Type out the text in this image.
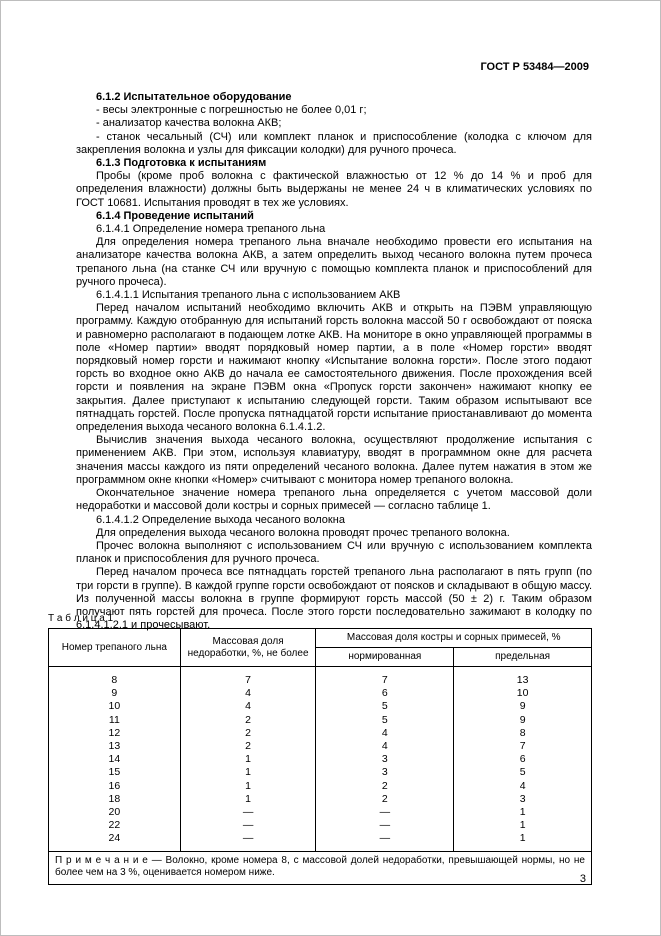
ГОСТ Р 53484—2009

6.1.2 Испытательное оборудование

- весы электронные с погрешностью не более 0,01 г;

- анализатор качества волокна АКВ;

- станок чесальный (СЧ) или комплект планок и приспособление (колодка с ключом для закрепления волокна и узлы для фиксации колодки) для ручного прочеса.

6.1.3 Подготовка к испытаниям

Пробы (кроме проб волокна с фактической влажностью от 12 % до 14 % и проб для определения влажности) должны быть выдержаны не менее 24 ч в климатических условиях по ГОСТ 10681. Испытания проводят в тех же условиях.

6.1.4 Проведение испытаний

6.1.4.1 Определение номера трепаного льна

Для определения номера трепаного льна вначале необходимо провести его испытания на анализаторе качества волокна АКВ, а затем определить выход чесаного волокна путем прочеса трепаного льна (на станке СЧ или вручную с помощью комплекта планок и приспособлений для ручного прочеса).

6.1.4.1.1 Испытания трепаного льна с использованием АКВ

Перед началом испытаний необходимо включить АКВ и открыть на ПЭВМ управляющую программу. Каждую отобранную для испытаний горсть волокна массой 50 г освобождают от пояска и равномерно располагают в подающем лотке АКВ. На мониторе в окно управляющей программы в поле «Номер партии» вводят порядковый номер партии, а в поле «Номер горсти» вводят порядковый номер горсти и нажимают кнопку «Испытание волокна горсти». После этого подают горсть во входное окно АКВ до начала ее самостоятельного движения. После прохождения всей горсти и появления на экране ПЭВМ окна «Пропуск горсти закончен» нажимают кнопку ее закрытия. Далее приступают к испытанию следующей горсти. Таким образом испытывают все пятнадцать горстей. После пропуска пятнадцатой горсти испытание приостанавливают до момента определения выхода чесаного волокна 6.1.4.1.2.

Вычислив значения выхода чесаного волокна, осуществляют продолжение испытания с применением АКВ. При этом, используя клавиатуру, вводят в программном окне для расчета значения массы каждого из пяти определений чесаного волокна. Далее путем нажатия в этом же программном окне кнопки «Номер» считывают с монитора номер трепаного волокна.

Окончательное значение номера трепаного льна определяется с учетом массовой доли недоработки и массовой доли костры и сорных примесей — согласно таблице 1.

6.1.4.1.2 Определение выхода чесаного волокна

Для определения выхода чесаного волокна проводят прочес трепаного волокна.

Прочес волокна выполняют с использованием СЧ или вручную с использованием комплекта планок и приспособления для ручного прочеса.

Перед началом прочеса все пятнадцать горстей трепаного льна располагают в пять групп (по три горсти в группе). В каждой группе горсти освобождают от поясков и складывают в общую массу. Из полученной массы волокна в группе формируют горсть массой (50 ± 2) г. Таким образом получают пять горстей для прочеса. После этого горсти последовательно зажимают в колодку по 6.1.4.1.2.1 и прочесывают.

Т а б л и ц а 1
Номер трепаного льна	Массовая доля недоработки, %, не более	Массовая доля костры и сорных примесей, %	
		нормированная	предельная
8	7	7	13
9	4	6	10
10	4	5	9
11	2	5	9
12	2	4	8
13	2	4	7
14	1	3	6
15	1	3	5
16	1	2	4
18	1	2	3
20	—	—	1
22	—	—	1
24	—	—	1
П р и м е ч а н и е — Волокно, кроме номера 8, с массовой долей недоработки, превышающей нормы, но не более чем на 3 %, оценивается номером ниже.			
3
